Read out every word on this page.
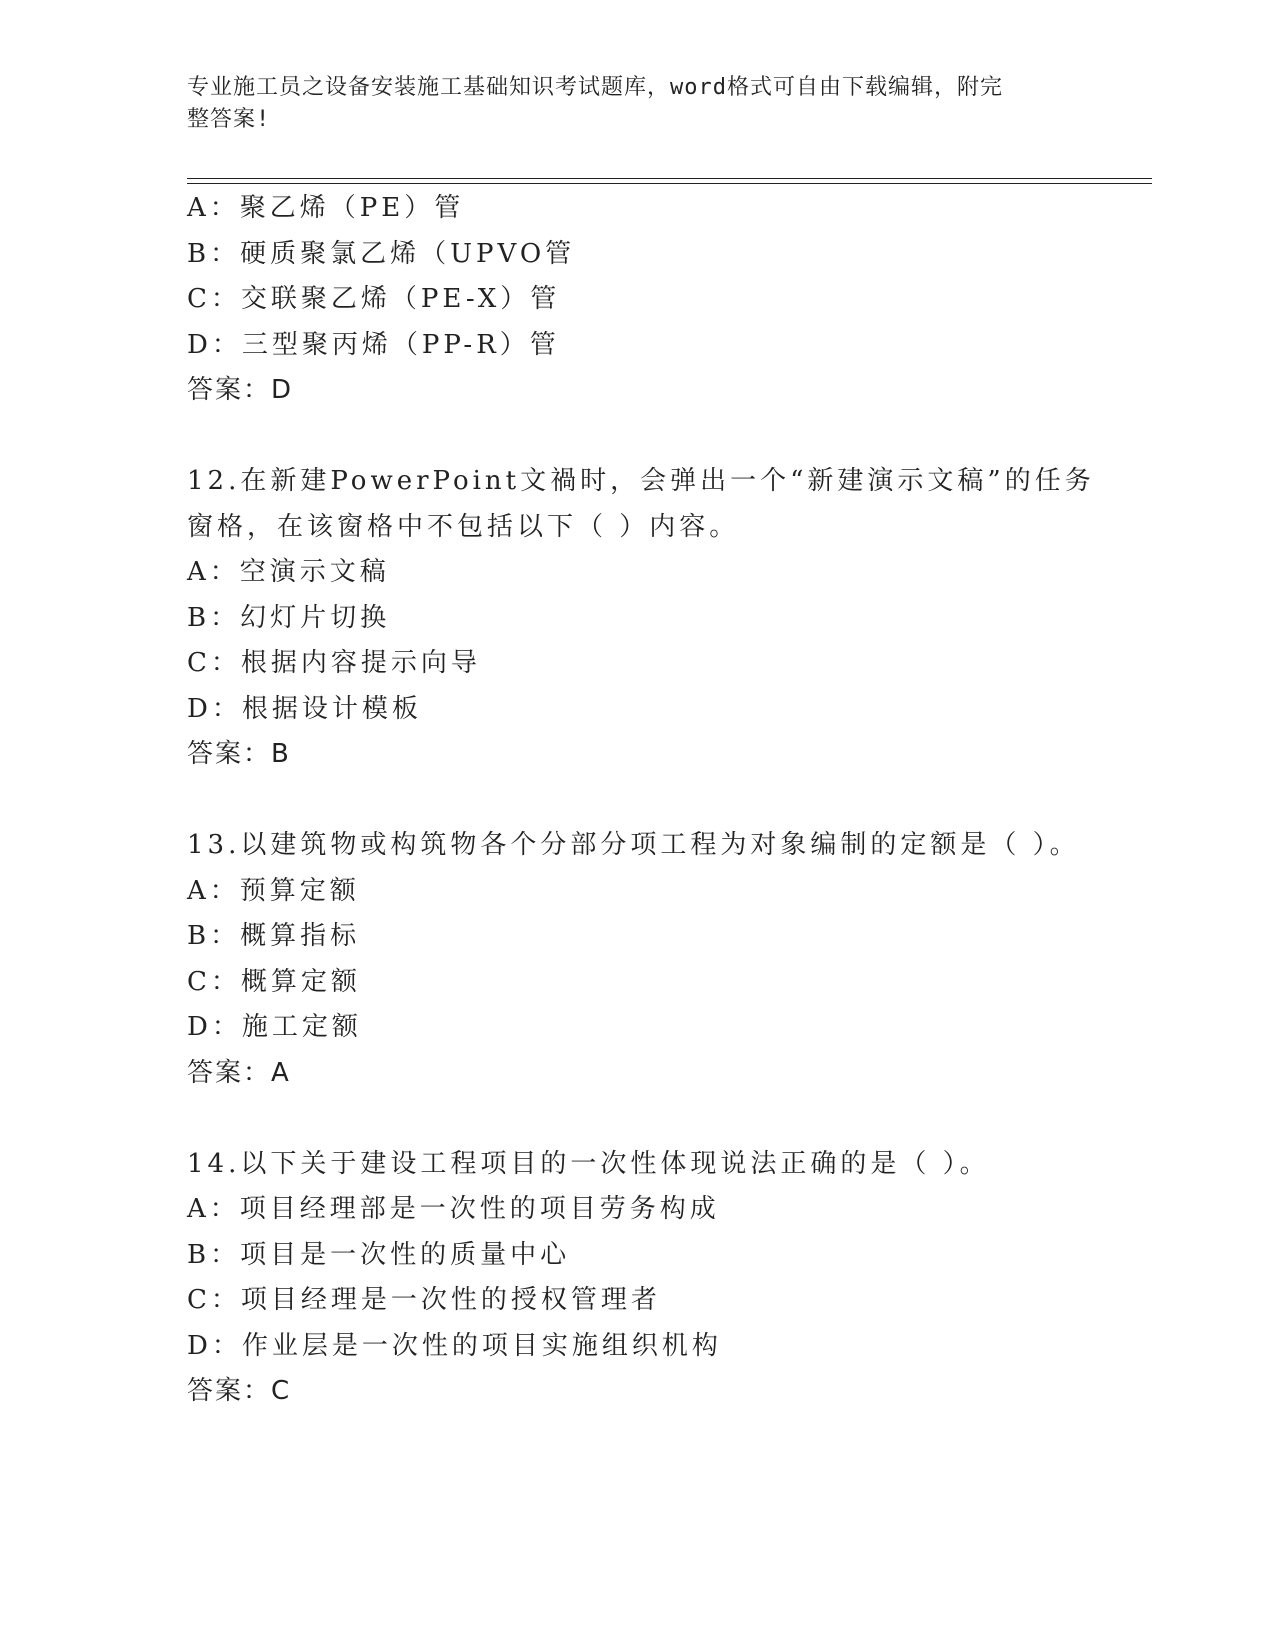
专业施工员之设备安装施工基础知识考试题库，word格式可自由下载编辑，附完
整答案!
A：聚乙烯（PE）管
B：硬质聚氯乙烯（UPVO管
C：交联聚乙烯（PE-X）管
D：三型聚丙烯（PP-R）管
答案：D
12.在新建PowerPoint文禍时，会弹出一个“新建演示文稿”的任务
窗格，在该窗格中不包括以下（ ）内容。
A：空演示文稿
B：幻灯片切换
C：根据内容提示向导
D：根据设计模板
答案：B
13.以建筑物或构筑物各个分部分项工程为对象编制的定额是（ ）。
A：预算定额
B：概算指标
C：概算定额
D：施工定额
答案：A
14.以下关于建设工程项目的一次性体现说法正确的是（ ）。
A：项目经理部是一次性的项目劳务构成
B：项目是一次性的质量中心
C：项目经理是一次性的授权管理者
D：作业层是一次性的项目实施组织机构
答案：C
